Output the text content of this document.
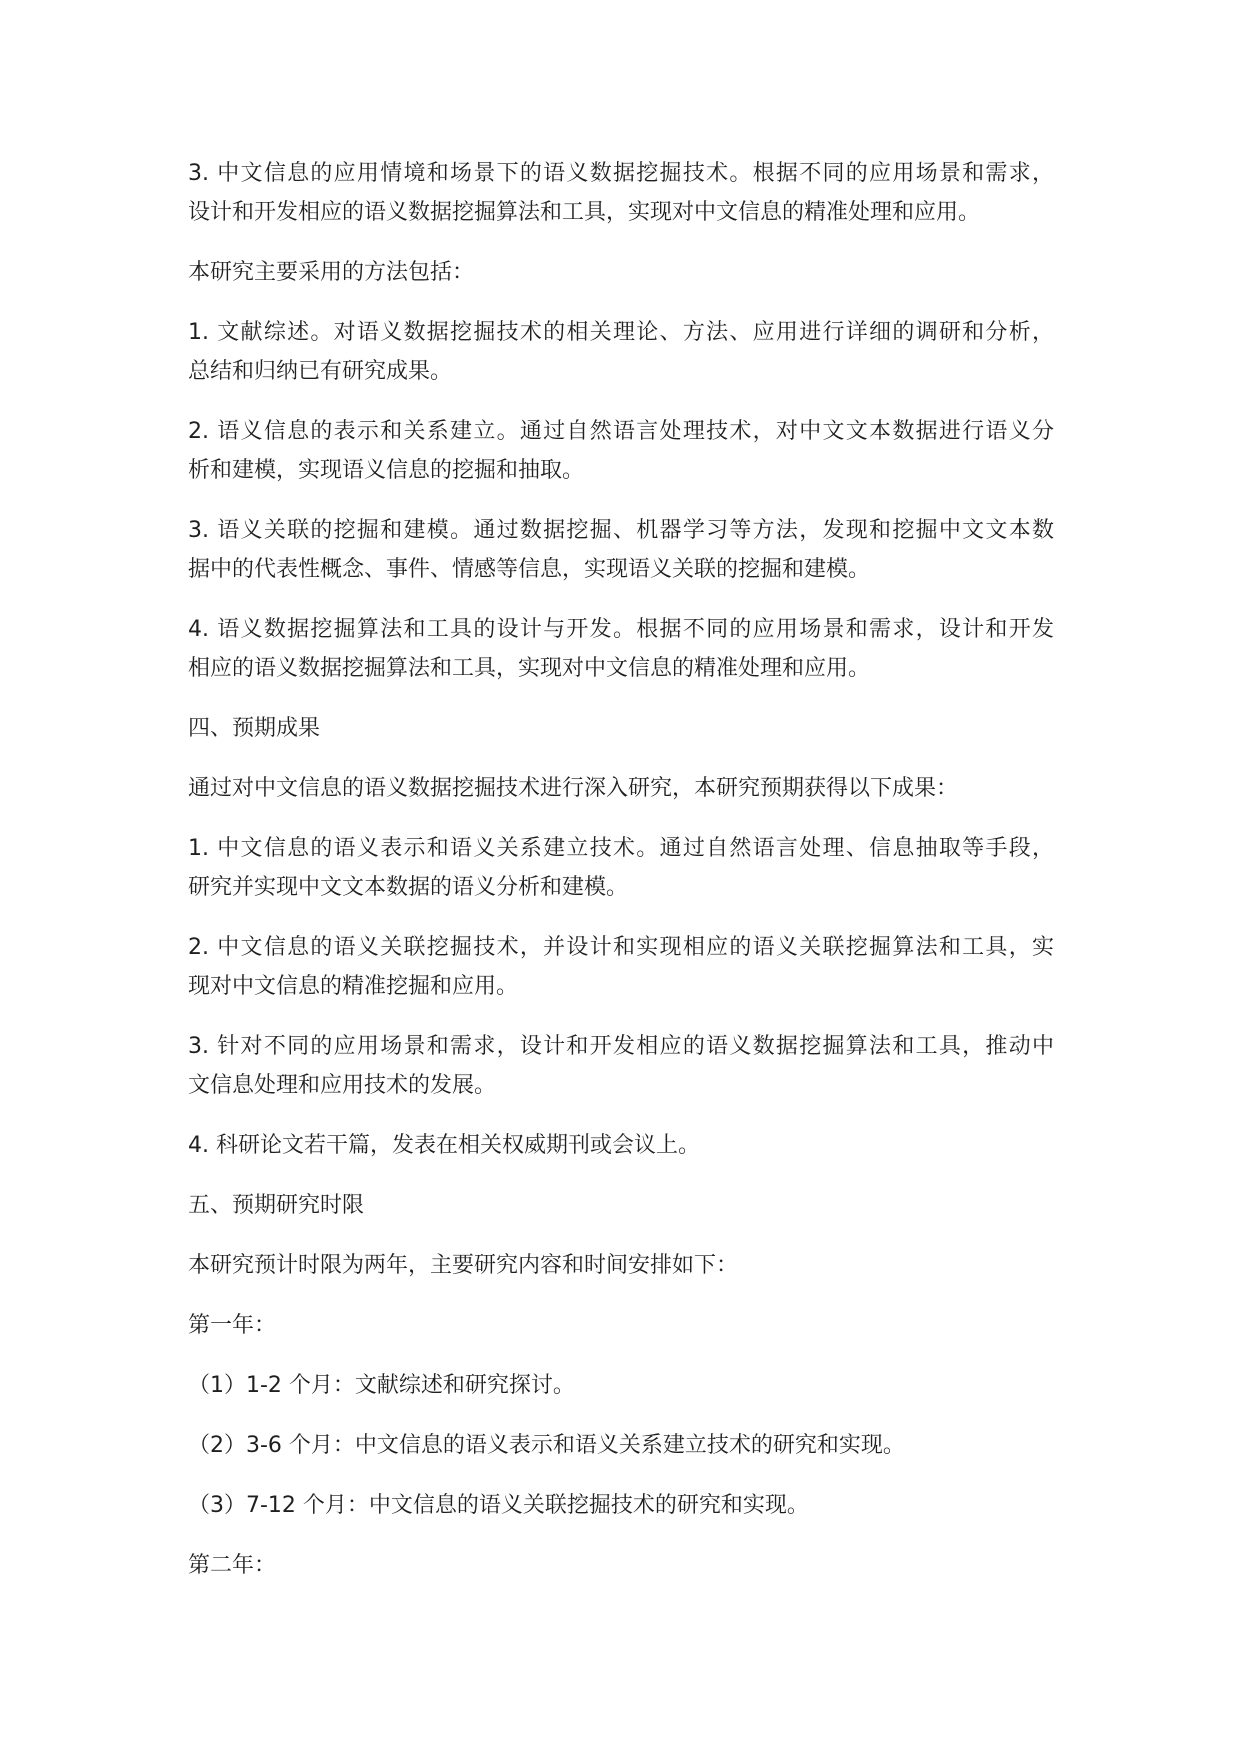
3. 中文信息的应用情境和场景下的语义数据挖掘技术。根据不同的应用场景和需求，
设计和开发相应的语义数据挖掘算法和工具，实现对中文信息的精准处理和应用。

本研究主要采用的方法包括：

1. 文献综述。对语义数据挖掘技术的相关理论、方法、应用进行详细的调研和分析，
总结和归纳已有研究成果。

2. 语义信息的表示和关系建立。通过自然语言处理技术，对中文文本数据进行语义分
析和建模，实现语义信息的挖掘和抽取。

3. 语义关联的挖掘和建模。通过数据挖掘、机器学习等方法，发现和挖掘中文文本数
据中的代表性概念、事件、情感等信息，实现语义关联的挖掘和建模。

4. 语义数据挖掘算法和工具的设计与开发。根据不同的应用场景和需求，设计和开发
相应的语义数据挖掘算法和工具，实现对中文信息的精准处理和应用。

四、预期成果

通过对中文信息的语义数据挖掘技术进行深入研究，本研究预期获得以下成果：

1. 中文信息的语义表示和语义关系建立技术。通过自然语言处理、信息抽取等手段，
研究并实现中文文本数据的语义分析和建模。

2. 中文信息的语义关联挖掘技术，并设计和实现相应的语义关联挖掘算法和工具，实
现对中文信息的精准挖掘和应用。

3. 针对不同的应用场景和需求，设计和开发相应的语义数据挖掘算法和工具，推动中
文信息处理和应用技术的发展。

4. 科研论文若干篇，发表在相关权威期刊或会议上。

五、预期研究时限

本研究预计时限为两年，主要研究内容和时间安排如下：

第一年：

（1）1-2 个月：文献综述和研究探讨。

（2）3-6 个月：中文信息的语义表示和语义关系建立技术的研究和实现。

（3）7-12 个月：中文信息的语义关联挖掘技术的研究和实现。

第二年：
